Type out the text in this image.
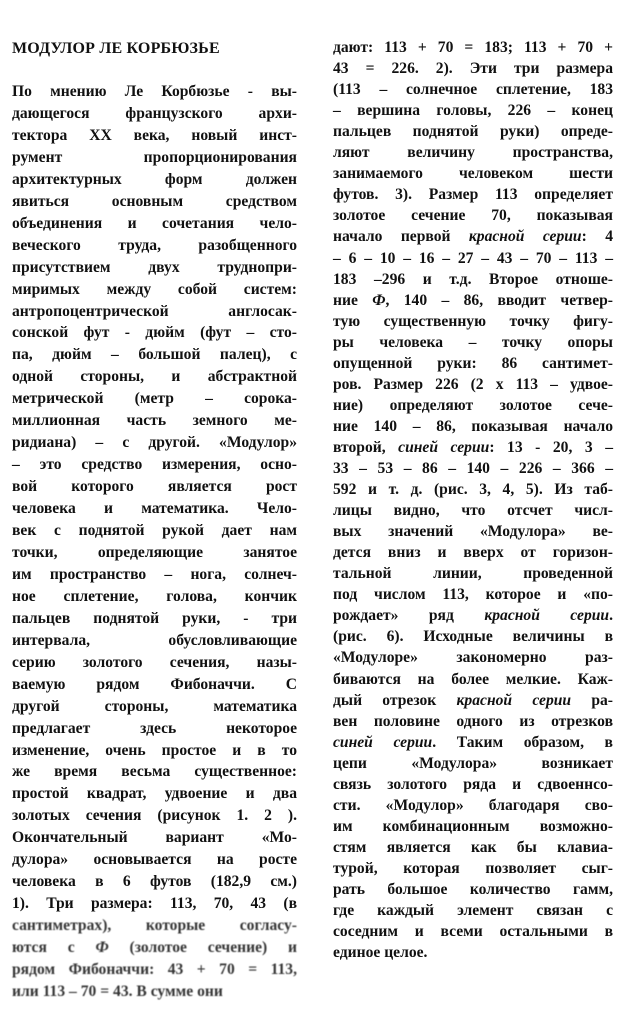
МОДУЛОР ЛЕ КОРБЮЗЬЕ
По мнению Ле Корбюзье - вы-
дающегося французского архи-
тектора XX века, новый инст-
румент пропорционирования
архитектурных форм должен
явиться основным средством
объединения и сочетания чело-
веческого труда, разобщенного
присутствием двух труднопри-
миримых между собой систем:
антропоцентрической англосак-
сонской фут - дюйм (фут – сто-
па, дюйм – большой палец), с
одной стороны, и абстрактной
метрической (метр – сорока-
миллионная часть земного ме-
ридиана) – с другой. «Модулор»
– это средство измерения, осно-
вой которого является рост
человека и математика. Чело-
век с поднятой рукой дает нам
точки, определяющие занятое
им пространство – нога, солнеч-
ное сплетение, голова, кончик
пальцев поднятой руки, - три
интервала, обусловливающие
серию золотого сечения, назы-
ваемую рядом Фибоначчи. С
другой стороны, математика
предлагает здесь некоторое
изменение, очень простое и в то
же время весьма существенное:
простой квадрат, удвоение и два
золотых сечения (рисунок 1. 2 ).
Окончательный вариант «Мо-
дулора» основывается на росте
человека в 6 футов (182,9 см.)
1). Три размера: 113, 70, 43 (в
сантиметрах), которые согласу-
ются с Ф (золотое сечение) и
рядом Фибоначчи: 43 + 70 = 113,
или 113 – 70 = 43. В сумме они
дают: 113 + 70 = 183; 113 + 70 +
43 = 226. 2). Эти три размера
(113 – солнечное сплетение, 183
– вершина головы, 226 – конец
пальцев поднятой руки) опреде-
ляют величину пространства,
занимаемого человеком шести
футов. 3). Размер 113 определяет
золотое сечение 70, показывая
начало первой красной серии: 4
– 6 – 10 – 16 – 27 – 43 – 70 – 113 –
183 –296 и т.д. Второе отноше-
ние Ф, 140 – 86, вводит четвер-
тую существенную точку фигу-
ры человека – точку опоры
опущенной руки: 86 сантимет-
ров. Размер 226 (2 х 113 – удвое-
ние) определяют золотое сече-
ние 140 – 86, показывая начало
второй, синей серии: 13 - 20, 3 –
33 – 53 – 86 – 140 – 226 – 366 –
592 и т. д. (рис. 3, 4, 5). Из таб-
лицы видно, что отсчет числ-
вых значений «Модулора» ве-
дется вниз и вверх от горизон-
тальной линии, проведенной
под числом 113, которое и «по-
рождает» ряд красной серии.
(рис. 6). Исходные величины в
«Модулоре» закономерно раз-
биваются на более мелкие. Каж-
дый отрезок красной серии ра-
вен половине одного из отрезков
синей серии. Таким образом, в
цепи «Модулора» возникает
связь золотого ряда и сдвоеннсо-
сти. «Модулор» благодаря сво-
им комбинационным возможно-
стям является как бы клавиа-
турой, которая позволяет сыг-
рать большое количество гамм,
где каждый элемент связан с
соседним и всеми остальными в
единое целое.
